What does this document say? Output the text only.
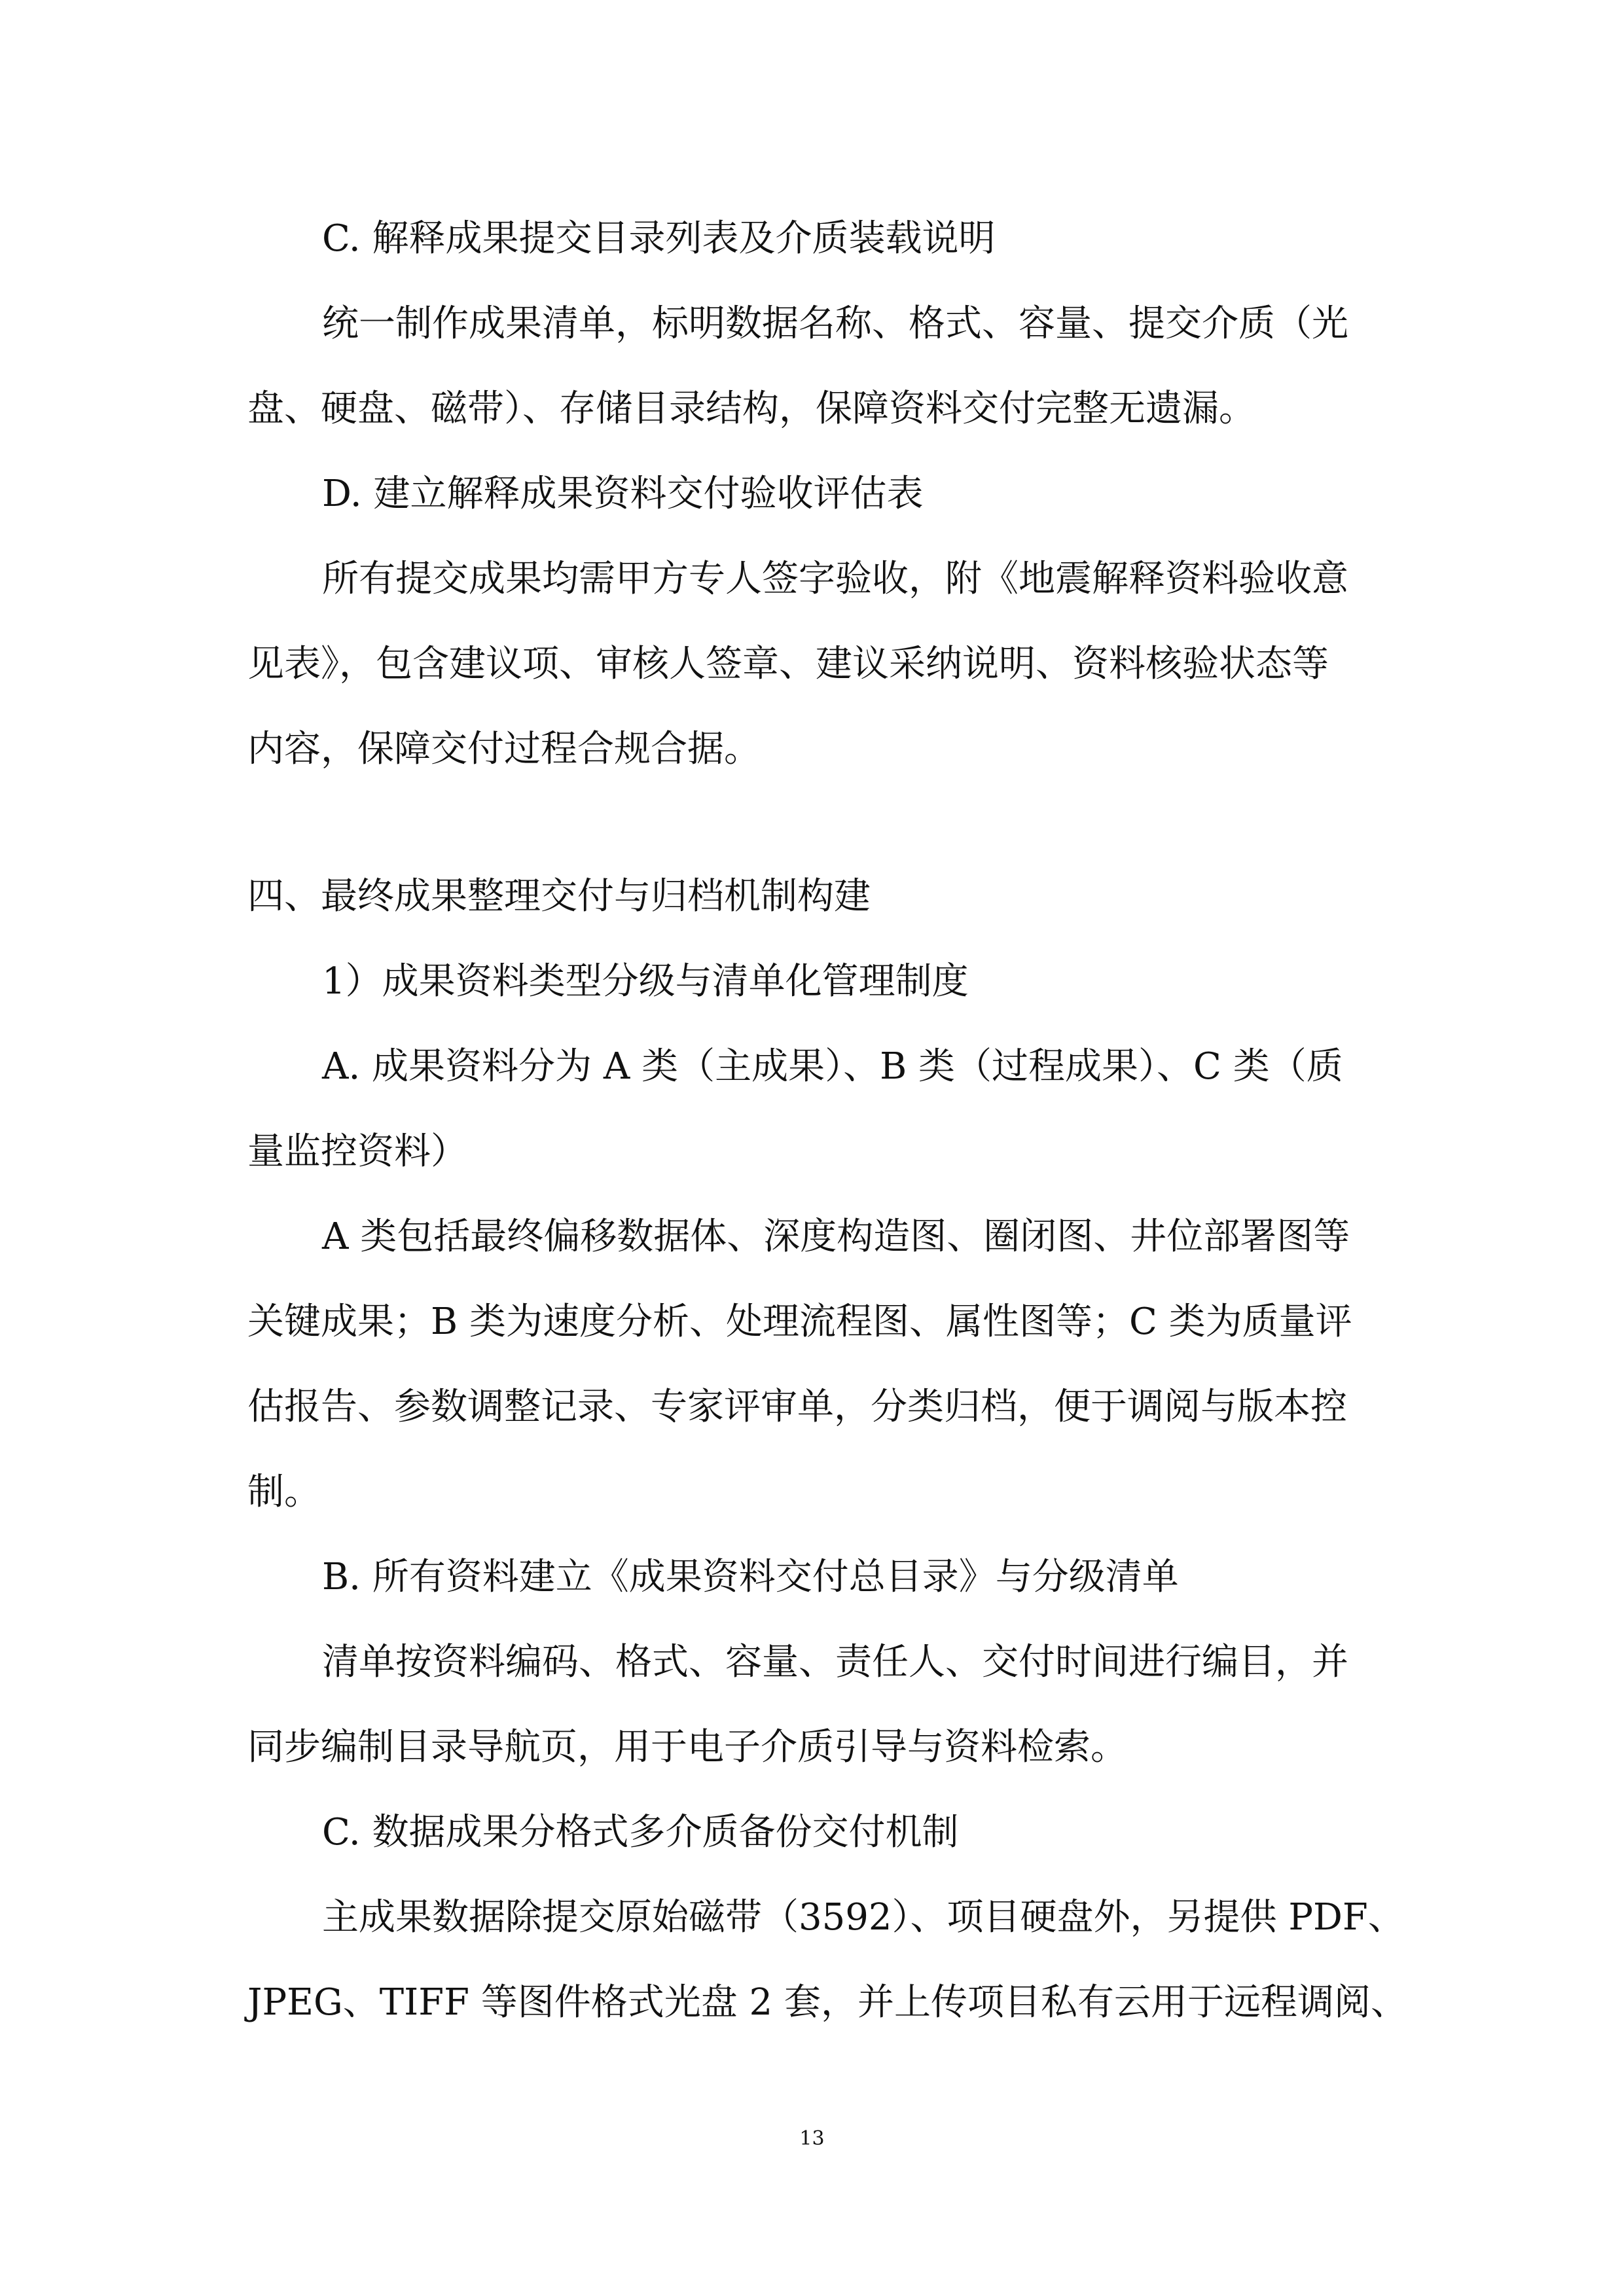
C. 解释成果提交目录列表及介质装载说明

统一制作成果清单，标明数据名称、格式、容量、提交介质（光

盘、硬盘、磁带）、存储目录结构，保障资料交付完整无遗漏。

D. 建立解释成果资料交付验收评估表

所有提交成果均需甲方专人签字验收，附《地震解释资料验收意

见表》，包含建议项、审核人签章、建议采纳说明、资料核验状态等

内容，保障交付过程合规合据。

四、最终成果整理交付与归档机制构建

1）成果资料类型分级与清单化管理制度

A. 成果资料分为 A 类（主成果）、B 类（过程成果）、C 类（质

量监控资料）

A 类包括最终偏移数据体、深度构造图、圈闭图、井位部署图等

关键成果；B 类为速度分析、处理流程图、属性图等；C 类为质量评

估报告、参数调整记录、专家评审单，分类归档，便于调阅与版本控

制。

B. 所有资料建立《成果资料交付总目录》与分级清单

清单按资料编码、格式、容量、责任人、交付时间进行编目，并

同步编制目录导航页，用于电子介质引导与资料检索。

C. 数据成果分格式多介质备份交付机制

主成果数据除提交原始磁带（3592）、项目硬盘外，另提供 PDF、

JPEG、TIFF 等图件格式光盘 2 套，并上传项目私有云用于远程调阅、

13
